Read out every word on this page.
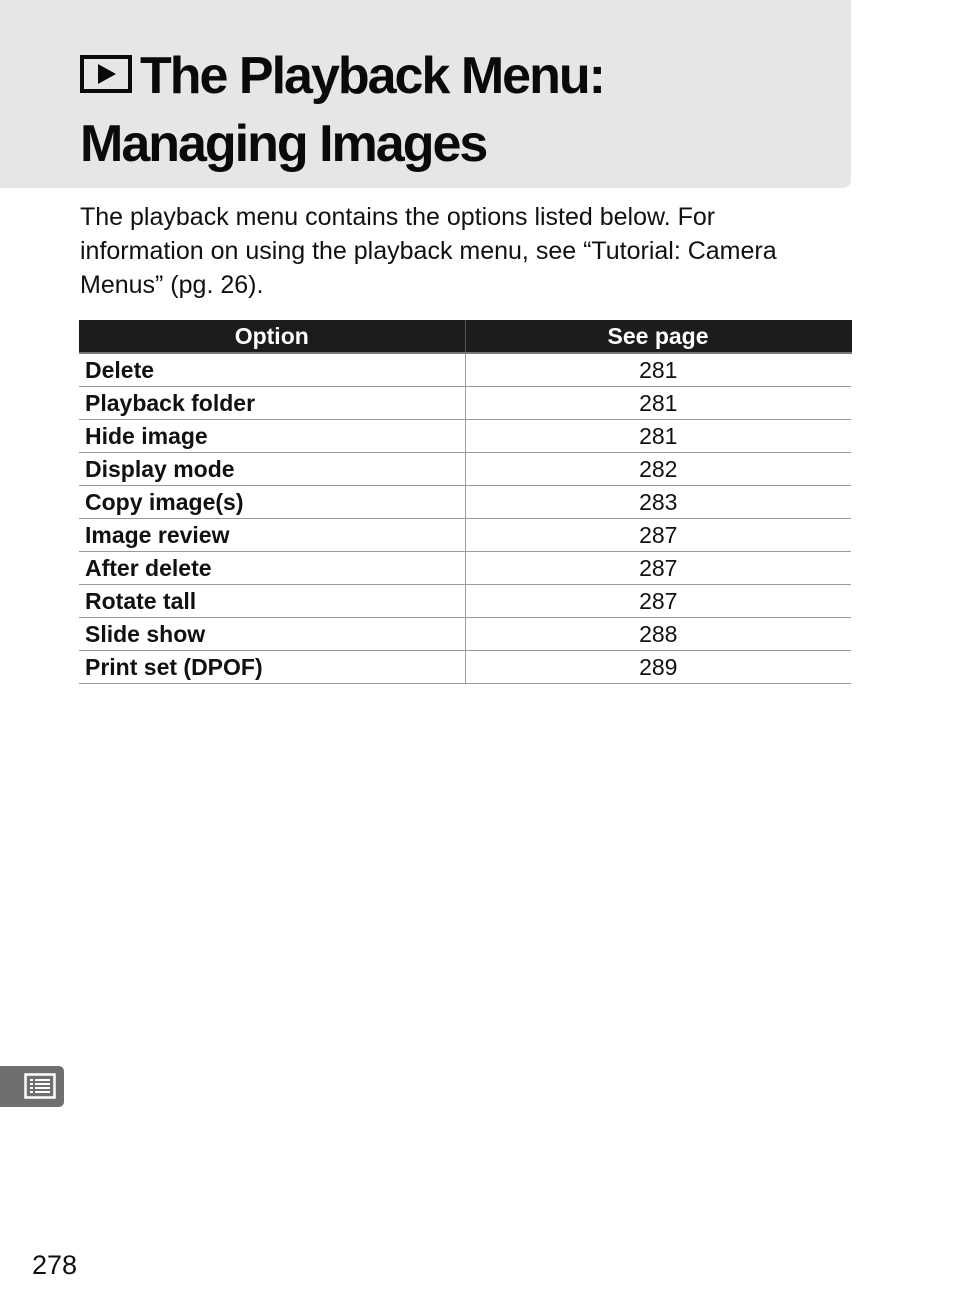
The Playback Menu:
Managing Images

The playback menu contains the options listed below. For information on using the playback menu, see “Tutorial: Camera Menus” (pg. 26).

Option	See page
Delete	281
Playback folder	281
Hide image	281
Display mode	282
Copy image(s)	283
Image review	287
After delete	287
Rotate tall	287
Slide show	288
Print set (DPOF)	289
278
